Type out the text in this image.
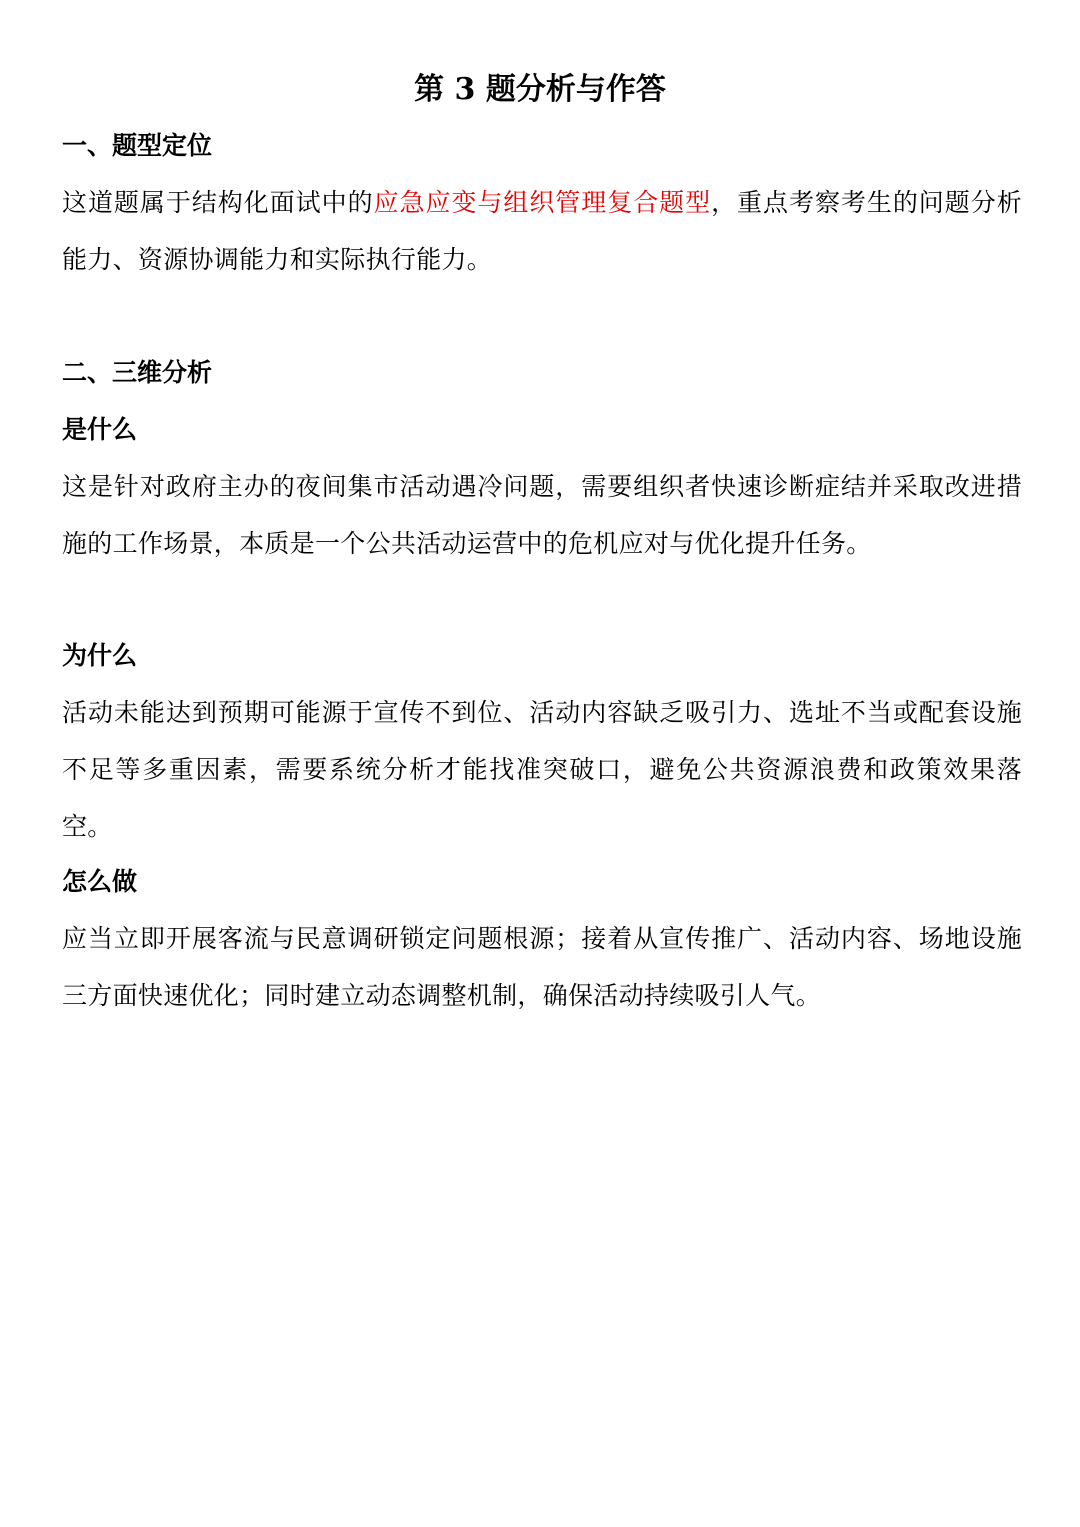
第 3 题分析与作答
一、题型定位
这道题属于结构化面试中的应急应变与组织管理复合题型，重点考察考生的问题分析能力、资源协调能力和实际执行能力。
二、三维分析
是什么
这是针对政府主办的夜间集市活动遇冷问题，需要组织者快速诊断症结并采取改进措施的工作场景，本质是一个公共活动运营中的危机应对与优化提升任务。
为什么
活动未能达到预期可能源于宣传不到位、活动内容缺乏吸引力、选址不当或配套设施不足等多重因素，需要系统分析才能找准突破口，避免公共资源浪费和政策效果落空。
怎么做
应当立即开展客流与民意调研锁定问题根源；接着从宣传推广、活动内容、场地设施三方面快速优化；同时建立动态调整机制，确保活动持续吸引人气。
